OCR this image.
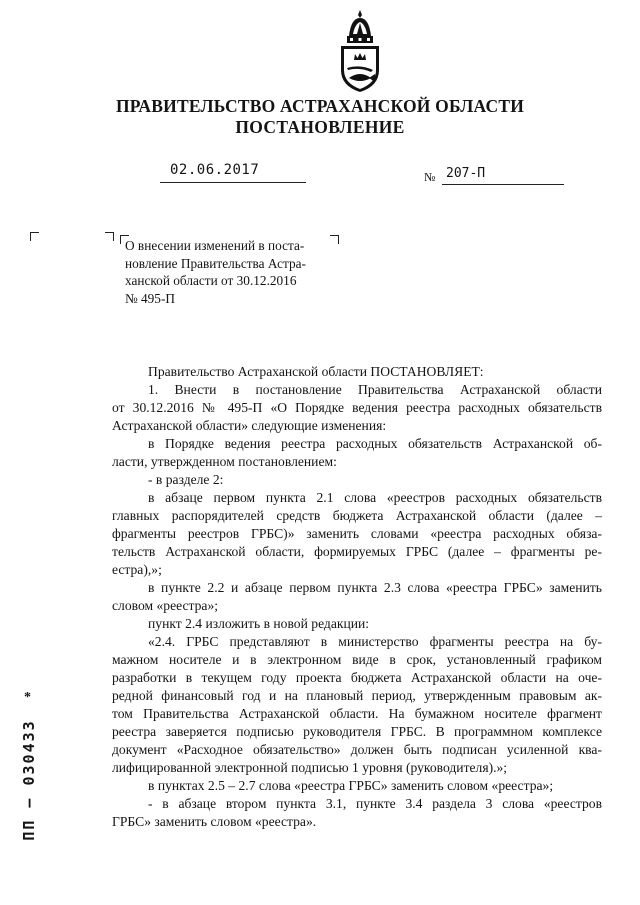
ПРАВИТЕЛЬСТВО АСТРАХАНСКОЙ ОБЛАСТИ
ПОСТАНОВЛЕНИЕ
02.06.2017	№ 207-П
О внесении изменений в поста-
новление Правительства Астра-
ханской области от 30.12.2016
№ 495-П
Правительство Астраханской области ПОСТАНОВЛЯЕТ:
1. Внести в постановление Правительства Астраханской области
от 30.12.2016 № 495-П «О Порядке ведения реестра расходных обязательств
Астраханской области» следующие изменения:
в Порядке ведения реестра расходных обязательств Астраханской об-
ласти, утвержденном постановлением:
- в разделе 2:
в абзаце первом пункта 2.1 слова «реестров расходных обязательств
главных распорядителей средств бюджета Астраханской области (далее –
фрагменты реестров ГРБС)» заменить словами «реестра расходных обяза-
тельств Астраханской области, формируемых ГРБС (далее – фрагменты ре-
естра),»;
в пункте 2.2 и абзаце первом пункта 2.3 слова «реестра ГРБС» заменить
словом «реестра»;
пункт 2.4 изложить в новой редакции:
«2.4. ГРБС представляют в министерство фрагменты реестра на бу-
мажном носителе и в электронном виде в срок, установленный графиком
разработки в текущем году проекта бюджета Астраханской области на оче-
редной финансовый год и на плановый период, утвержденным правовым ак-
том Правительства Астраханской области. На бумажном носителе фрагмент
реестра заверяется подписью руководителя ГРБС. В программном комплексе
документ «Расходное обязательство» должен быть подписан усиленной ква-
лифицированной электронной подписью 1 уровня (руководителя).»;
в пунктах 2.5 – 2.7 слова «реестра ГРБС» заменить словом «реестра»;
- в абзаце втором пункта 3.1, пункте 3.4 раздела 3 слова «реестров
ГРБС» заменить словом «реестра».
*
ПП – 030433
